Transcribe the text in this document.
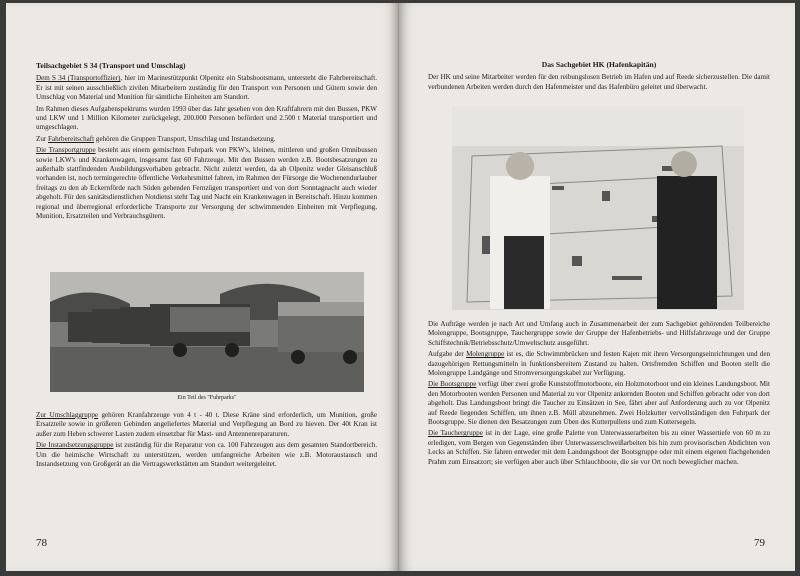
Teilsachgebiet S 34 (Transport und Umschlag)

Dem S 34 (Transportoffizier), hier im Marinestützpunkt Olpenitz ein Stabsbootsmann, untersteht die Fahrbereitschaft. Er ist mit seinen ausschließlich zivilen Mitarbeitern zuständig für den Transport von Personen und Gütern sowie den Umschlag von Material und Munition für sämtliche Einheiten am Standort.

Im Rahmen dieses Aufgabenspektrums wurden 1993 über das Jahr gesehen von den Kraftfahrern mit den Bussen, PKW und LKW und 1 Million Kilometer zurückgelegt, 200.000 Personen befördert und 2.500 t Material transportiert und umgeschlagen.

Zur Fahrbereitschaft gehören die Gruppen Transport, Umschlag und Instandsetzung.

Die Transportgruppe besteht aus einem gemischten Fuhrpark von PKW's, kleinen, mittleren und großen Omnibussen sowie LKW's und Krankenwagen, insgesamt fast 60 Fahrzeuge. Mit den Bussen werden z.B. Bootsbesatzungen zu außerhalb stattfindenden Ausbildungsvorhaben gebracht. Nicht zuletzt werden, da ab Olpenitz weder Gleisanschluß vorhanden ist, noch termingerechte öffentliche Verkehrsmittel fahren, im Rahmen der Fürsorge die Wochenendurlauber freitags zu den ab Eckernförde nach Süden gehenden Fernzügen transportiert und von dort Sonntagnacht auch wieder abgeholt. Für den sanitätsdienstlichen Notdienst steht Tag und Nacht ein Krankenwagen in Bereitschaft. Hinzu kommen regional und überregional erforderliche Transporte zur Versorgung der schwimmenden Einheiten mit Verpflegung, Munition, Ersatzteilen und Verbrauchsgütern.

Ein Teil des "Fuhrparks"

Zur Umschlaggruppe gehören Kranfahrzeuge von 4 t - 40 t. Diese Kräne sind erforderlich, um Munition, große Ersatzteile sowie in größeren Gebinden angeliefertes Material und Verpflegung an Bord zu hieven. Der 40t Kran ist außer zum Heben schwerer Lasten zudem einsetzbar für Mast- und Antennenreparaturen.

Die Instandsetzungsgruppe ist zuständig für die Reparatur von ca. 100 Fahrzeugen aus dem gesamten Standortbereich. Um die heimische Wirtschaft zu unterstützen, werden umfangreiche Arbeiten wie z.B. Motoraustausch und Instandsetzung von Großgerät an die Vertragswerkstätten am Standort weitergeleitet.

78
Das Sachgebiet HK (Hafenkapitän)

Der HK und seine Mitarbeiter werden für den reibungslosen Betrieb im Hafen und auf Reede sicherzustellen. Die damit verbundenen Arbeiten werden durch den Hafenmeister und das Hafenbüro geleitet und überwacht.

Die Aufträge werden je nach Art und Umfang auch in Zusammenarbeit der zum Sachgebiet gehörenden Teilbereiche Molengruppe, Bootsgruppe, Tauchergruppe sowie der Gruppe der Hafenbetriebs- und Hilfsfahrzeuge und der Gruppe Schiffstechnik/Betriebsschutz/Umweltschutz ausgeführt.

Aufgabe der Molengruppe ist es, die Schwimmbrücken und festen Kajen mit ihren Versorgungseinrichtungen und den dazugehörigen Rettungsmitteln in funktionsbereitem Zustand zu halten. Ortsfremden Schiffen und Booten stellt die Molengruppe Landgänge und Stromversorgungskabel zur Verfügung.

Die Bootsgruppe verfügt über zwei große Kunststoffmotorboote, ein Holzmotorboot und ein kleines Landungsboot. Mit den Motorbooten werden Personen und Material zu vor Olpenitz ankernden Booten und Schiffen gebracht oder von dort abgeholt. Das Landungsboot bringt die Taucher zu Einsätzen in See, fährt aber auf Anforderung auch zu vor Olpenitz auf Reede liegenden Schiffen, um ihnen z.B. Müll abzunehmen. Zwei Holzkutter vervollständigen den Fuhrpark der Bootsgruppe. Sie dienen den Besatzungen zum Üben des Kutterpullens und zum Kuttersegeln.

Die Tauchergruppe ist in der Lage, eine große Palette von Unterwasserarbeiten bis zu einer Wassertiefe von 60 m zu erledigen, vom Bergen von Gegenständen über Unterwasserschweißarbeiten bis hin zum provisorischen Abdichten von Lecks an Schiffen. Sie fahren entweder mit dem Landungsboot der Bootsgruppe oder mit einem eigenen flachgehenden Prahm zum Einsatzort; sie verfügen aber auch über Schlauchboote, die sie vor Ort noch beweglicher machen.

79
